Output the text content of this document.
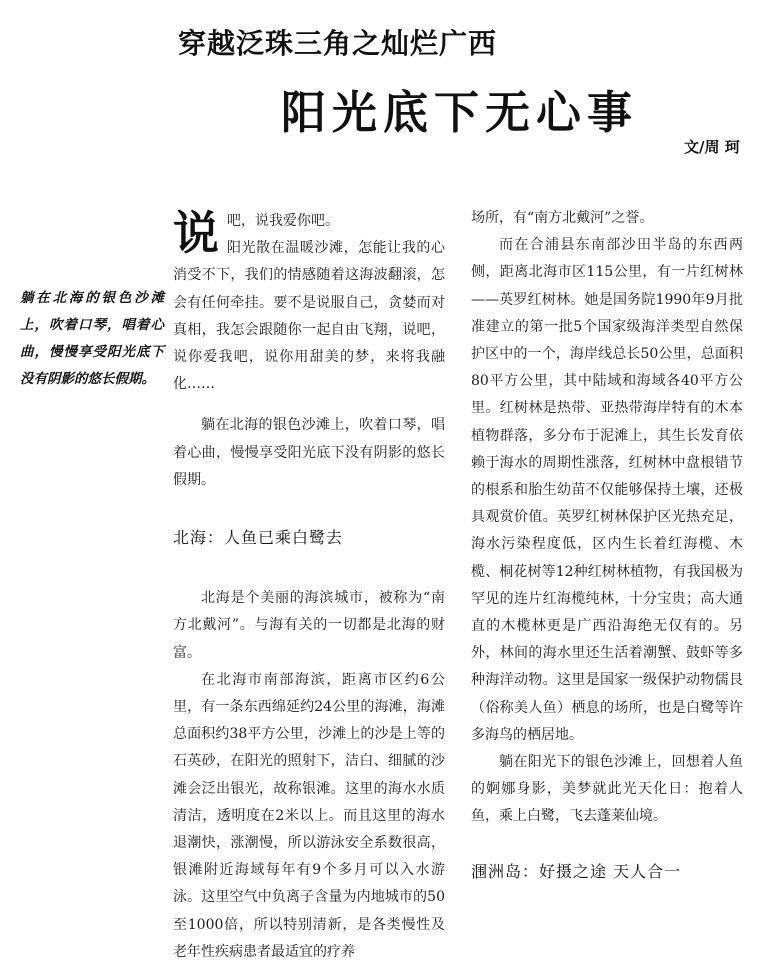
穿越泛珠三角之灿烂广西
阳光底下无心事
文/周 珂
躺在北海的银色沙滩上，吹着口琴，唱着心曲，慢慢享受阳光底下没有阴影的悠长假期。

说吧，说我爱你吧。
阳光散在温暖沙滩，怎能让我的心消受不下，我们的情感随着这海波翻滚，怎会有任何牵挂。要不是说服自己，贪婪而对真相，我怎会跟随你一起自由飞翔，说吧，说你爱我吧，说你用甜美的梦，来将我融化……

躺在北海的银色沙滩上，吹着口琴，唱着心曲，慢慢享受阳光底下没有阴影的悠长假期。

北海：人鱼已乘白鹭去

北海是个美丽的海滨城市，被称为“南方北戴河”。与海有关的一切都是北海的财富。

在北海市南部海滨，距离市区约6公里，有一条东西绵延约24公里的海滩，海滩总面积约38平方公里，沙滩上的沙是上等的石英砂，在阳光的照射下，洁白、细腻的沙滩会泛出银光，故称银滩。这里的海水水质清洁，透明度在2米以上。而且这里的海水退潮快，涨潮慢，所以游泳安全系数很高，银滩附近海域每年有9个多月可以入水游泳。这里空气中负离子含量为内地城市的50至1000倍，所以特别清新，是各类慢性及老年性疾病患者最适宜的疗养

场所，有“南方北戴河”之誉。

而在合浦县东南部沙田半岛的东西两侧，距离北海市区115公里，有一片红树林——英罗红树林。她是国务院1990年9月批准建立的第一批5个国家级海洋类型自然保护区中的一个，海岸线总长50公里，总面积80平方公里，其中陆域和海域各40平方公里。红树林是热带、亚热带海岸特有的木本植物群落，多分布于泥滩上，其生长发育依赖于海水的周期性涨落，红树林中盘根错节的根系和胎生幼苗不仅能够保持土壤，还极具观赏价值。英罗红树林保护区光热充足，海水污染程度低，区内生长着红海榄、木榄、桐花树等12种红树林植物，有我国极为罕见的连片红海榄纯林，十分宝贵；高大通直的木榄林更是广西沿海绝无仅有的。另外，林间的海水里还生活着潮蟹、鼓虾等多种海洋动物。这里是国家一级保护动物儒艮（俗称美人鱼）栖息的场所，也是白鹭等许多海鸟的栖居地。

躺在阳光下的银色沙滩上，回想着人鱼的婀娜身影，美梦就此光天化日：抱着人鱼，乘上白鹭，飞去蓬莱仙境。

涠洲岛：好摄之途 天人合一
